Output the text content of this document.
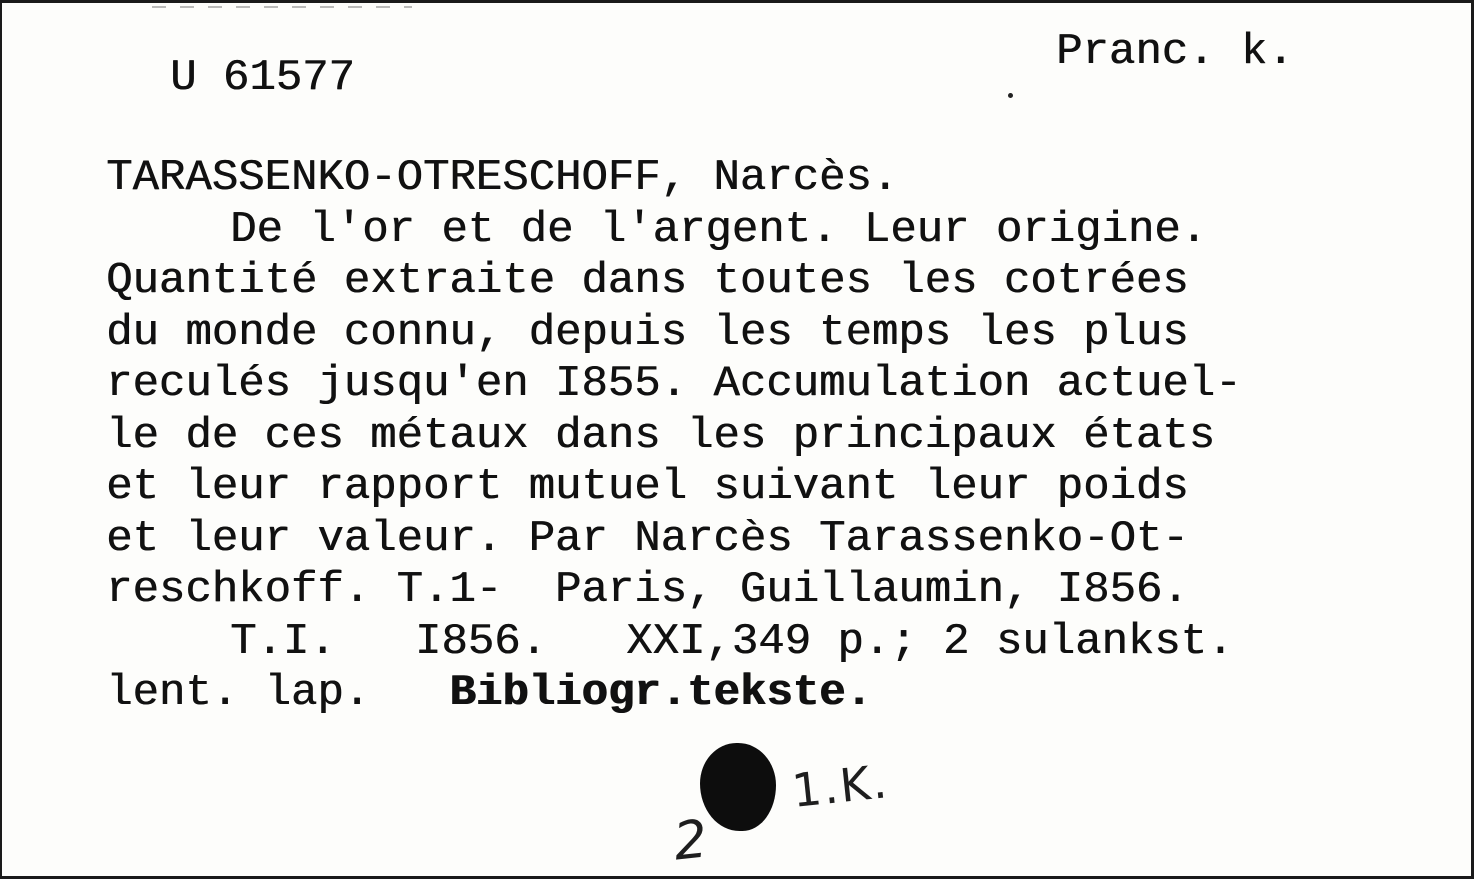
U 61577
Pranc. k.
TARASSENKO-OTRESCHOFF, Narcès.
De l'or et de l'argent. Leur origine.
Quantité extraite dans toutes les cotrées
du monde connu, depuis les temps les plus
reculés jusqu'en I855. Accumulation actuel-
le de ces métaux dans les principaux états
et leur rapport mutuel suivant leur poids
et leur valeur. Par Narcès Tarassenko-Ot-
reschkoff. T.1-  Paris, Guillaumin, I856.
T.I.   I856.   XXI,349 p.; 2 sulankst.
lent. lap.   Bibliogr.tekste.
1.K.
2
